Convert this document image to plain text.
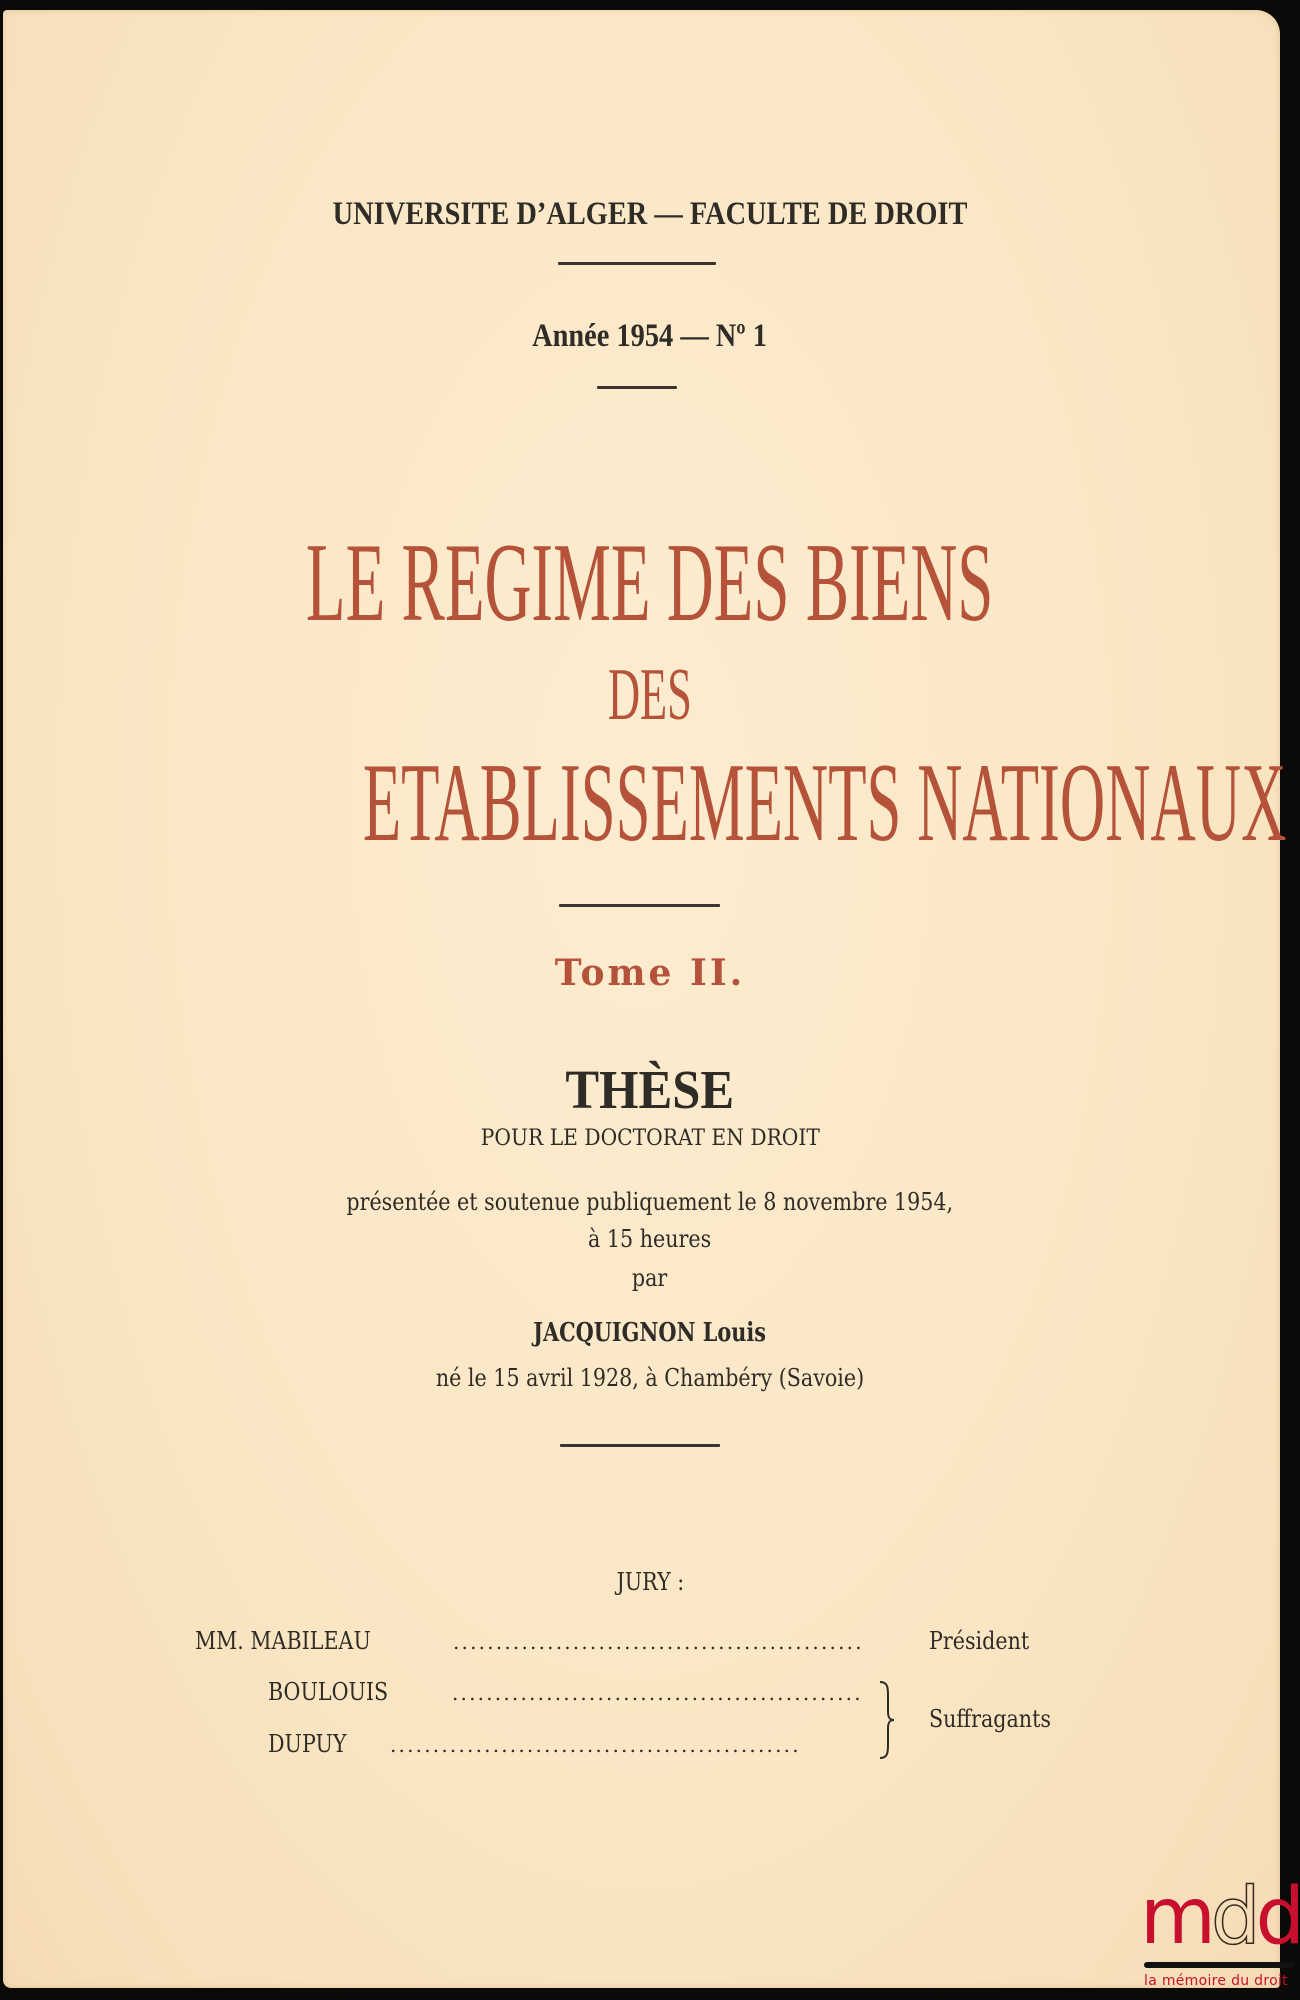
UNIVERSITE D’ALGER — FACULTE DE DROIT
Année 1954 — Nº 1
LE REGIME DES BIENS
DES
ETABLISSEMENTS NATIONAUX
Tome II.
THÈSE
POUR LE DOCTORAT EN DROIT
présentée et soutenue publiquement le 8 novembre 1954,
à 15 heures
par
JACQUIGNON Louis
né le 15 avril 1928, à Chambéry (Savoie)
JURY :
MM. MABILEAU	................................................	Président
BOULOUIS	................................................
DUPUY	................................................
Suffragants
mdd
la mémoire du droit
